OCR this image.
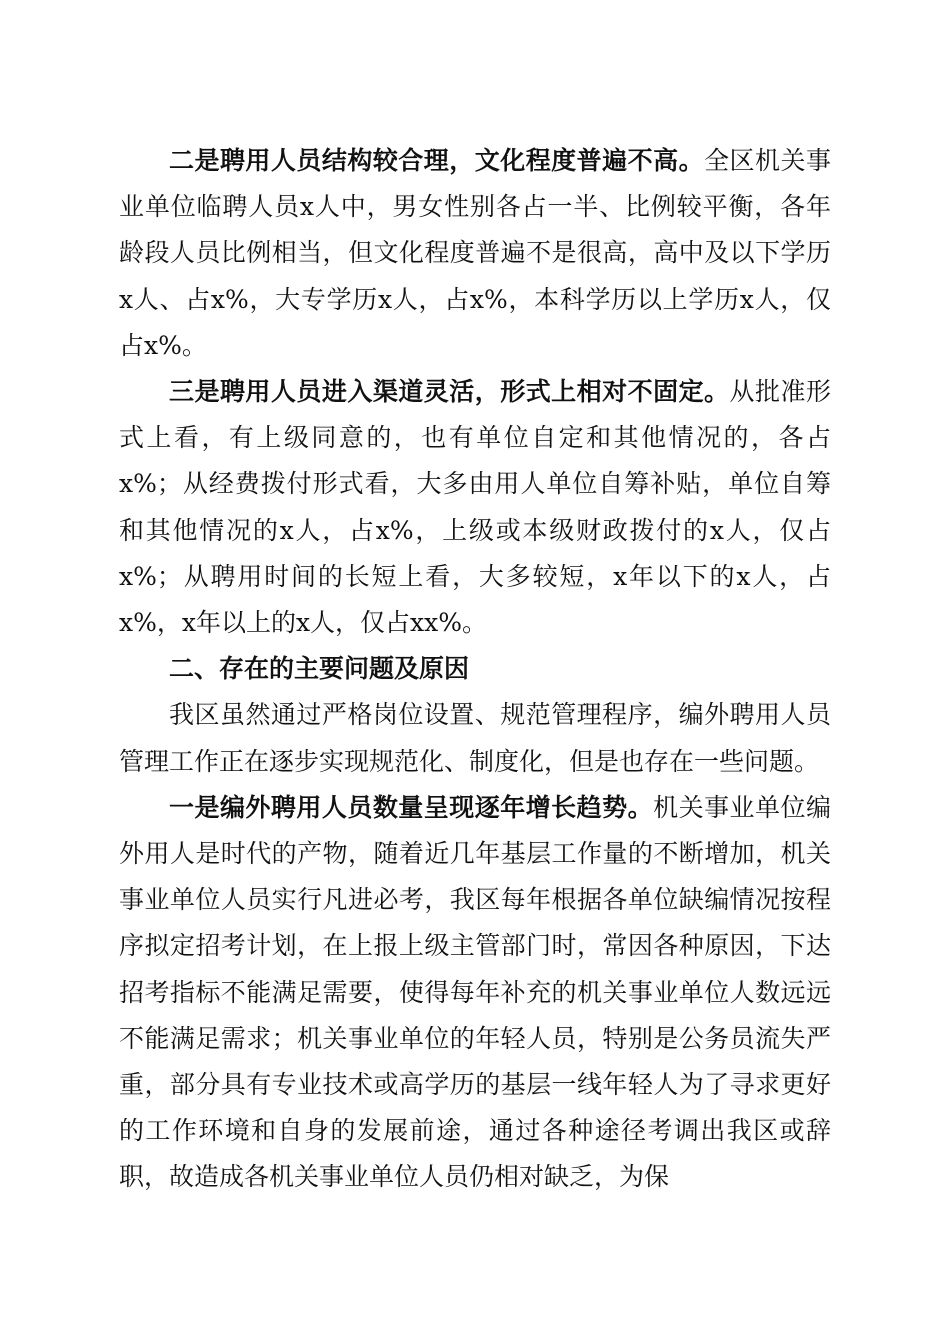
二是聘用人员结构较合理，文化程度普遍不高。全区机关事业单位临聘人员x人中，男女性别各占一半、比例较平衡，各年龄段人员比例相当，但文化程度普遍不是很高，高中及以下学历x人、占x%，大专学历x人，占x%，本科学历以上学历x人，仅占x%。

三是聘用人员进入渠道灵活，形式上相对不固定。从批准形式上看，有上级同意的，也有单位自定和其他情况的，各占x%；从经费拨付形式看，大多由用人单位自筹补贴，单位自筹和其他情况的x人，占x%，上级或本级财政拨付的x人，仅占x%；从聘用时间的长短上看，大多较短，x年以下的x人，占x%，x年以上的x人，仅占xx%。

二、存在的主要问题及原因

我区虽然通过严格岗位设置、规范管理程序，编外聘用人员管理工作正在逐步实现规范化、制度化，但是也存在一些问题。

一是编外聘用人员数量呈现逐年增长趋势。机关事业单位编外用人是时代的产物，随着近几年基层工作量的不断增加，机关事业单位人员实行凡进必考，我区每年根据各单位缺编情况按程序拟定招考计划，在上报上级主管部门时，常因各种原因，下达招考指标不能满足需要，使得每年补充的机关事业单位人数远远不能满足需求；机关事业单位的年轻人员，特别是公务员流失严重，部分具有专业技术或高学历的基层一线年轻人为了寻求更好的工作环境和自身的发展前途，通过各种途径考调出我区或辞职，故造成各机关事业单位人员仍相对缺乏，为保
